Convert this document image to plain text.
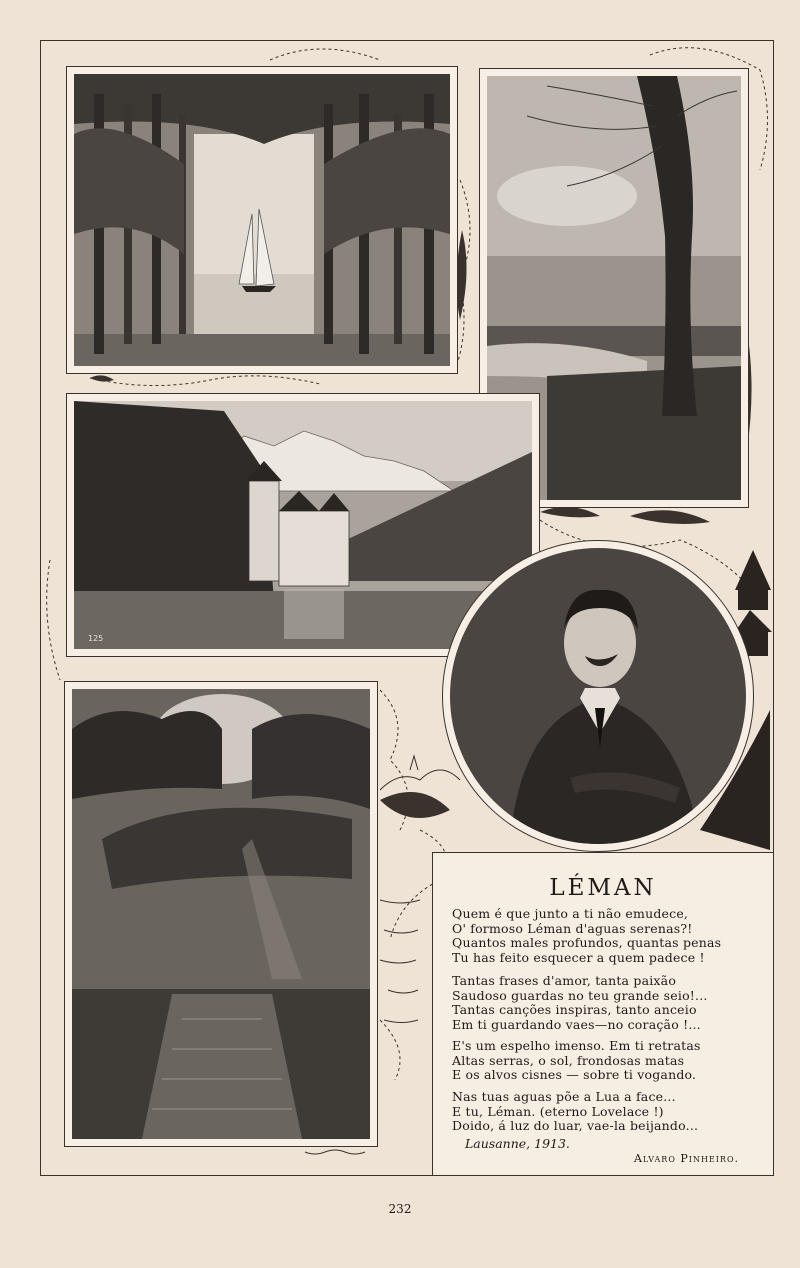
125
LÉMAN
Quem é que junto a ti não emudece,
O' formoso Léman d'aguas serenas?!
Quantos males profundos, quantas penas
Tu has feito esquecer a quem padece !
Tantas frases d'amor, tanta paixão
Saudoso guardas no teu grande seio!...
Tantas canções inspiras, tanto anceio
Em ti guardando vaes—no coração !...
E's um espelho imenso. Em ti retratas
Altas serras, o sol, frondosas matas
E os alvos cisnes — sobre ti vogando.
Nas tuas aguas põe a Lua a face...
E tu, Léman. (eterno Lovelace !)
Doido, á luz do luar, vae-la beijando...
Lausanne, 1913.
Alvaro Pinheiro.
232
